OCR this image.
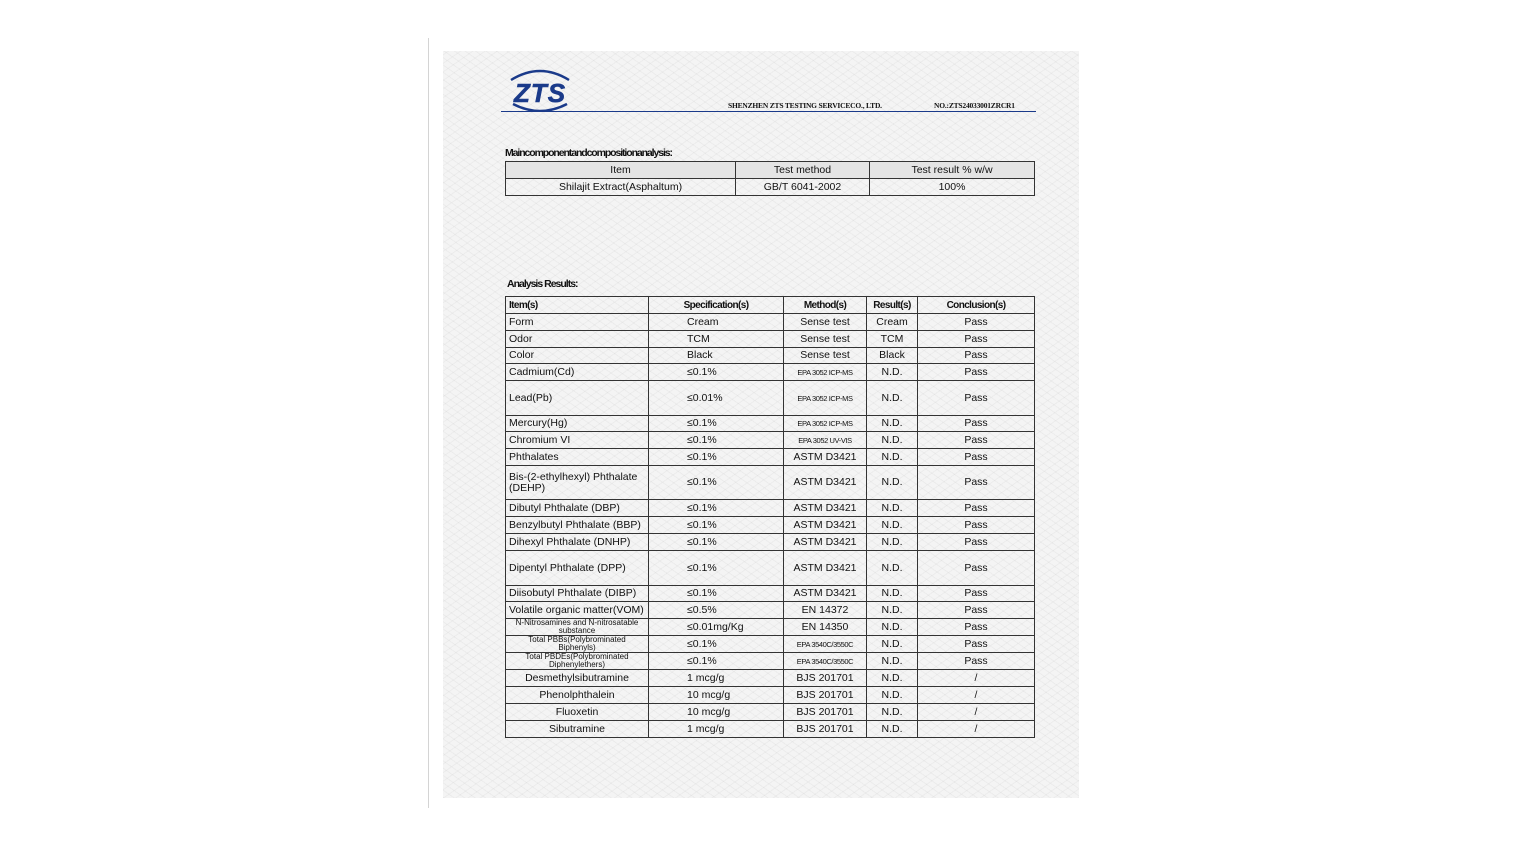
ZTS	SHENZHEN ZTS TESTING SERVICECO., LTD.	NO.:ZTS24033001ZRCR1
Maincomponentandcompositionanalysis:
Item	Test method	Test result % w/w
Shilajit Extract(Asphaltum)	GB/T 6041-2002	100%
Analysis Results:
Item(s)	Specification(s)	Method(s)	Result(s)	Conclusion(s)
Form	Cream	Sense test	Cream	Pass
Odor	TCM	Sense test	TCM	Pass
Color	Black	Sense test	Black	Pass
Cadmium(Cd)	≤0.1%	EPA 3052 ICP-MS	N.D.	Pass
Lead(Pb)	≤0.01%	EPA 3052 ICP-MS	N.D.	Pass
Mercury(Hg)	≤0.1%	EPA 3052 ICP-MS	N.D.	Pass
Chromium VI	≤0.1%	EPA 3052 UV-VIS	N.D.	Pass
Phthalates	≤0.1%	ASTM D3421	N.D.	Pass
Bis-(2-ethylhexyl) Phthalate (DEHP)	≤0.1%	ASTM D3421	N.D.	Pass
Dibutyl Phthalate (DBP)	≤0.1%	ASTM D3421	N.D.	Pass
Benzylbutyl Phthalate (BBP)	≤0.1%	ASTM D3421	N.D.	Pass
Dihexyl Phthalate (DNHP)	≤0.1%	ASTM D3421	N.D.	Pass
Dipentyl Phthalate (DPP)	≤0.1%	ASTM D3421	N.D.	Pass
Diisobutyl Phthalate (DIBP)	≤0.1%	ASTM D3421	N.D.	Pass
Volatile organic matter(VOM)	≤0.5%	EN 14372	N.D.	Pass
N-Nitrosamines and N-nitrosatable substance	≤0.01mg/Kg	EN 14350	N.D.	Pass
Total PBBs(Polybrominated Biphenyls)	≤0.1%	EPA 3540C/3550C	N.D.	Pass
Total PBDEs(Polybrominated Diphenylethers)	≤0.1%	EPA 3540C/3550C	N.D.	Pass
Desmethylsibutramine	1 mcg/g	BJS 201701	N.D.	/
Phenolphthalein	10 mcg/g	BJS 201701	N.D.	/
Fluoxetin	10 mcg/g	BJS 201701	N.D.	/
Sibutramine	1 mcg/g	BJS 201701	N.D.	/
